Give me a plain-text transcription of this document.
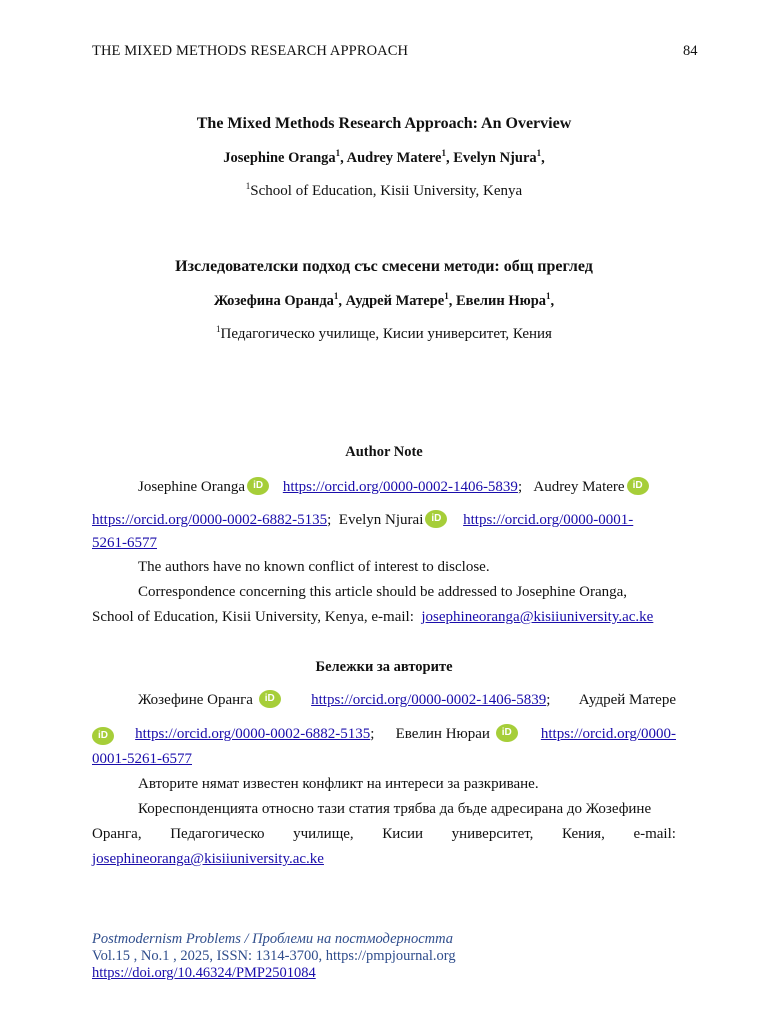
THE MIXED METHODS RESEARCH APPROACH	84
The Mixed Methods Research Approach: An Overview
Josephine Oranga$^1$, Audrey Matere$^1$, Evelyn Njura$^1$,
$^1$School of Education, Kisii University, Kenya
Изследователски подход със смесени методи: общ преглед
Жозефина Оранда$^1$, Аудрей Матере$^1$, Евелин Нюра$^1$,
$^1$Педагогическо училище, Кисии университет, Кения
Author Note
Josephine Oranga iD https://orcid.org/0000-0002-1406-5839;   Audrey Matere iD
https://orcid.org/0000-0002-6882-5135;  Evelyn Njurai iD https://orcid.org/0000-0001-
5261-6577
The authors have no known conflict of interest to disclose.
Correspondence concerning this article should be addressed to Josephine Oranga,
School of Education, Kisii University, Kenya, e-mail: josephineoranga@kisiiuniversity.ac.ke
Бележки за авторите
Жозефине Оранга iD	https://orcid.org/0000-0002-1406-5839; Аудрей Матере
iD	https://orcid.org/0000-0002-6882-5135; Евелин Нюраи iD	https://orcid.org/0000-
0001-5261-6577
Авторите нямат известен конфликт на интереси за разкриване.
Кореспонденцията относно тази статия трябва да бъде адресирана до Жозефине
Оранга, Педагогическо училище, Кисии университет, Кения, e-mail:
josephineoranga@kisiiuniversity.ac.ke
Postmodernism Problems / Проблеми на постмодерността
Vol.15 , No.1 , 2025, ISSN: 1314-3700, https://pmpjournal.org
https://doi.org/10.46324/PMP2501084
